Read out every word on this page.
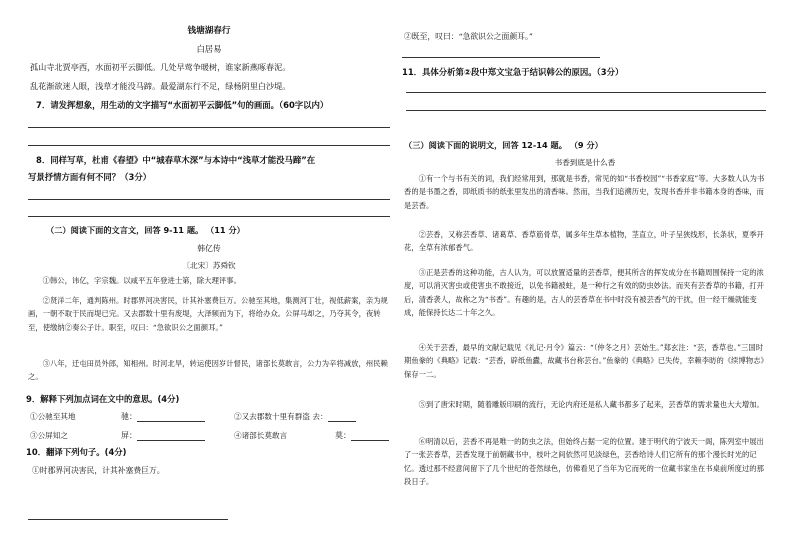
钱塘湖春行
白居易
孤山寺北贾亭西，水面初平云脚低。几处早莺争暖树，谁家新燕啄春泥。
乱花渐欲迷人眼，浅草才能没马蹄。最爱湖东行不足，绿杨阴里白沙堤。
7．请发挥想象，用生动的文字描写“水面初平云脚低”句的画面。（60字以内）
8．同样写草，杜甫《春望》中“城春草木深”与本诗中“浅草才能没马蹄”在
写景抒情方面有何不同？（3分）
（二）阅读下面的文言文，回答 9-11 题。 （11 分）
韩亿传
〔北宋〕苏舜钦
①韩公，讳亿，字宗魏。以咸平五年登进士第，除大理评事。
②贤洋二年，通判陈州。时郡界河决害民，计其补塞费巨万。公驰至其地，集测河丁壮，视低薪案，亲为规画，一朝不取于民而堤已完。又去郡数十里有废堤，大泽频而为下，将给办众。公屏马却之，乃夺其令，夜转至，使缴纳②奏公子计。职至，叹曰：“急欲识公之面颜耳。”
③八年，迁屯田员外郎，知相州。时河北旱，转运使因岁计督民，诸部长莫敢言，公力为辛将减放，州民赖之。
9．解释下列加点词在文中的意思。(4分)
①公驰至其地	驰：	②又去郡数十里有群盗 去：
③公屏知之	屏：	④诸部长莫敢言	莫：
10．翻译下列句子。(4分)
①时郡界河决害民，计其补塞费巨万。
②既至，叹曰：“急欲识公之面颜耳。”
11．具体分析第②段中郑文宝急于结识韩公的原因。（3分）
（三）阅读下面的说明文，回答 12-14 题。 （9 分）
书香到底是什么香
①有一个与书有关的词，我们经常用到，那就是书香，常见的如“书香校园”“书香家庭”等。大多数人认为书香的是书墨之香，即纸质书的纸张里发出的清香味。然而，当我们追溯历史，发现书香并非书籍本身的香味，而是芸香。
②芸香，又称芸香草、诸葛草、香草筋骨草，属多年生草本植物，茎直立，叶子呈狭线形，长条状，夏季开花，全草有浓郁香气。
③正是芸香的这种功能，古人认为，可以放置适量的芸香草，便其所含的挥发成分在书籍周围保持一定的浓度，可以消灭害虫或使害虫不敢接近，以免书籍被蛀，是一种行之有效的防虫妙法。而夹有芸香草的书籍，打开后，清香袭人，故称之为“书香”。有趣的是，古人的芸香草在书中时没有被芸香气的干扰，但一经干燥就能变成，能保持长达二十年之久。
④关于芸香，最早的文献记载见《礼记·月令》篇云：“（仲冬之月）芸始生。”郑玄注：“芸，香草也。”三国时期鱼豢的《典略》记载：“芸香，辟纸鱼蠹，故藏书台称芸台。”鱼豢的《典略》已失传，幸赖李昉的《续博物志》保存一二。
⑤到了唐宋时期，随着雕版印刷的流行，无论内府还是私人藏书都多了起来，芸香草的需求量也大大增加。
⑥明清以后，芸香不再是唯一的防虫之法，但始终占据一定的位置。建于明代的宁波天一阁，陈列室中展出了一张芸香草，芸香发现于前朝藏书中，枝叶之间依然可见淡绿色，芸香给诗人们它所有的那个漫长时光的记忆。透过那不经意间留下了几个世纪的苍然绿色，仿佛看见了当年为它而死的一位藏书家坐在书桌前所度过的那段日子。
